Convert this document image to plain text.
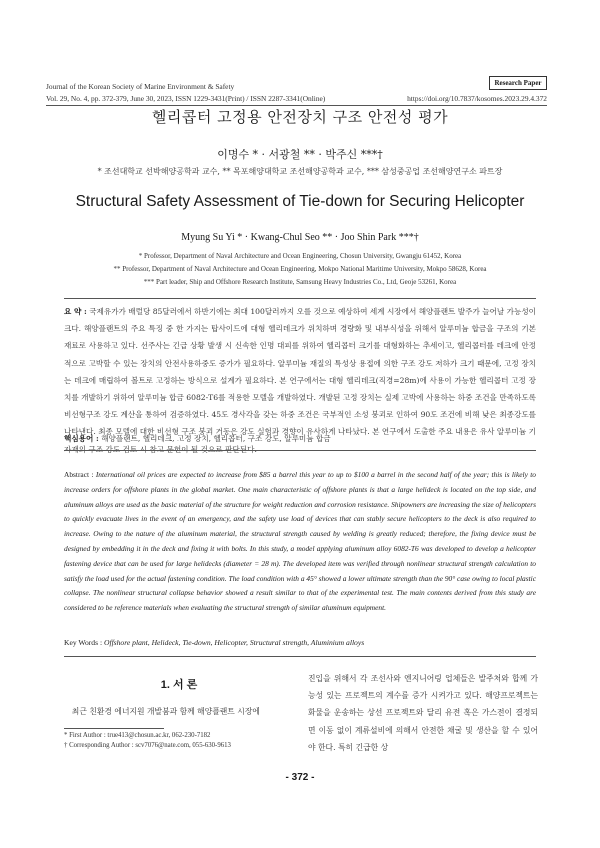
Journal of the Korean Society of Marine Environment & Safety	Research Paper
Vol. 29, No. 4, pp. 372-379, June 30, 2023, ISSN 1229-3431(Print) / ISSN 2287-3341(Online)	https://doi.org/10.7837/kosomes.2023.29.4.372
헬리콥터 고정용 안전장치 구조 안전성 평가
이명수 * · 서광철 ** · 박주신 ***†
* 조선대학교 선박해양공학과 교수, ** 목포해양대학교 조선해양공학과 교수, *** 삼성중공업 조선해양연구소 파트장
Structural Safety Assessment of Tie-down for Securing Helicopter
Myung Su Yi * · Kwang-Chul Seo ** · Joo Shin Park ***†
* Professor, Department of Naval Architecture and Ocean Engineering, Chosun University, Gwangju 61452, Korea
** Professor, Department of Naval Architecture and Ocean Engineering, Mokpo National Maritime University, Mokpo 58628, Korea
*** Part leader, Ship and Offshore Research Institute, Samsung Heavy Industries Co., Ltd, Geoje 53261, Korea
요 약 : 국제유가가 배럴당 85달러에서 하반기에는 최대 100달러까지 오를 것으로 예상하여 세계 시장에서 해양플랜트 발주가 늘어날 가능성이 크다. 해양플랜트의 주요 특징 중 한 가지는 탑사이드에 대형 헬리데크가 위치하며 경량화 및 내부식성을 위해서 알루미늄 합금을 구조의 기본 재료로 사용하고 있다. 선주사는 긴급 상황 발생 시 신속한 인명 대피를 위하여 헬리콥터 크기를 대형화하는 추세이고, 헬리콥터를 데크에 안정적으로 고박할 수 있는 장치의 안전사용하중도 증가가 필요하다. 알루미늄 재질의 특성상 용접에 의한 구조 강도 저하가 크기 때문에, 고정 장치는 데크에 매립하여 볼트로 고정하는 방식으로 설계가 필요하다. 본 연구에서는 대형 헬리데크(직경=28m)에 사용이 가능한 헬리콥터 고정 장치를 개발하기 위하여 알루미늄 합금 6082-T6를 적용한 모델을 개발하였다. 개발된 고정 장치는 실제 고박에 사용하는 하중 조건을 만족하도록 비선형구조 강도 계산을 통하여 검증하였다. 45도 경사각을 갖는 하중 조건은 국부적인 소성 붕괴로 인하여 90도 조건에 비해 낮은 최종강도를 나타낸다. 최종 모델에 대한 비선형 구조 붕괴 거동은 강도 실험과 경향이 유사하게 나타났다. 본 연구에서 도출한 주요 내용은 유사 알루미늄 기자재의 구조 강도 검토 시 참고 문헌이 될 것으로 판단된다.
핵심용어 : 해양플랜트, 헬리데크, 고정 장치, 헬리콥터, 구조 강도, 알루미늄 합금
Abstract : International oil prices are expected to increase from $85 a barrel this year to up to $100 a barrel in the second half of the year; this is likely to increase orders for offshore plants in the global market. One main characteristic of offshore plants is that a large helideck is located on the top side, and aluminum alloys are used as the basic material of the structure for weight reduction and corrosion resistance. Shipowners are increasing the size of helicopters to quickly evacuate lives in the event of an emergency, and the safety use load of devices that can stably secure helicopters to the deck is also required to increase. Owing to the nature of the aluminum material, the structural strength caused by welding is greatly reduced; therefore, the fixing device must be designed by embedding it in the deck and fixing it with bolts. In this study, a model applying aluminum alloy 6082-T6 was developed to develop a helicopter fastening device that can be used for large helidecks (diameter = 28 m). The developed item was verified through nonlinear structural strength calculation to satisfy the load used for the actual fastening condition. The load condition with a 45° showed a lower ultimate strength than the 90° case owing to local plastic collapse. The nonlinear structural collapse behavior showed a result similar to that of the experimental test. The main contents derived from this study are considered to be reference materials when evaluating the structural strength of similar aluminum equipment.
Key Words : Offshore plant, Helideck, Tie-down, Helicopter, Structural strength, Aluminium alloys
1. 서 론
최근 친환경 에너지원 개발붐과 함께 해양플랜트 시장에
진입을 위해서 각 조선사와 엔지니어링 업체들은 발주처와 합께 가능성 있는 프로젝트의 계수를 증가 시켜가고 있다. 해양프로젝트는 화물을 운송하는 상선 프로젝트와 달리 유전 혹은 가스전이 결정되면 이동 없이 계류설비에 의해서 안전한 채굴 및 생산을 할 수 있어야 한다. 특히 긴급한 상
* First Author : true413@chosun.ac.kr, 062-230-7182
† Corresponding Author : scv7076@nate.com, 055-630-9613
- 372 -
